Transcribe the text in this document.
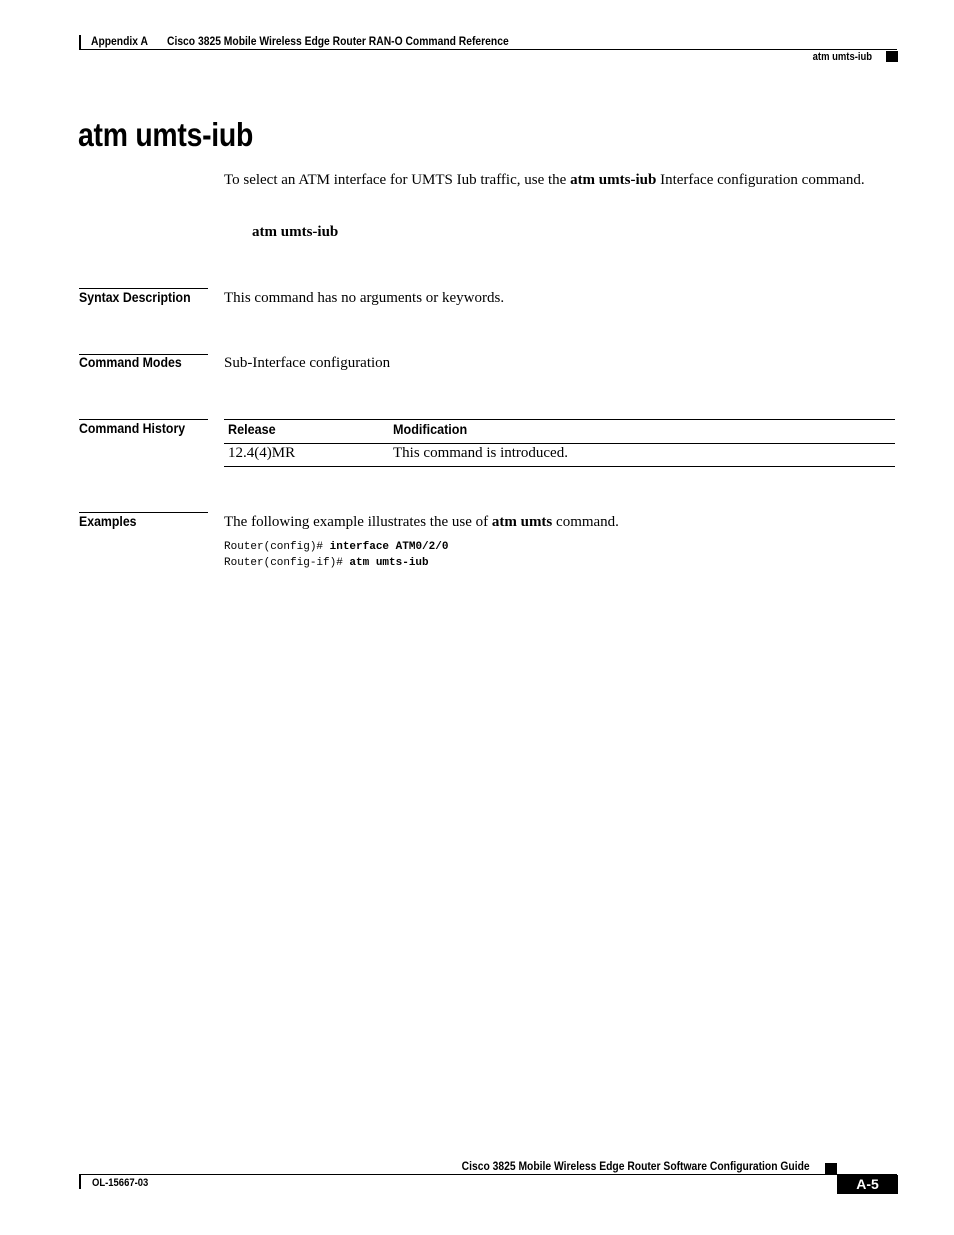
Appendix A Cisco 3825 Mobile Wireless Edge Router RAN-O Command Reference
atm umts-iub
atm umts-iub
To select an ATM interface for UMTS Iub traffic, use the atm umts-iub Interface configuration command.
atm umts-iub
Syntax Description This command has no arguments or keywords.
Command Modes	Sub-Interface configuration
Command History	Release	Modification
12.4(4)MR	This command is introduced.
Examples	The following example illustrates the use of atm umts command.
Router(config)# interface ATM0/2/0
Router(config-if)# atm umts-iub
Cisco 3825 Mobile Wireless Edge Router Software Configuration Guide
OL-15667-03	A-5
